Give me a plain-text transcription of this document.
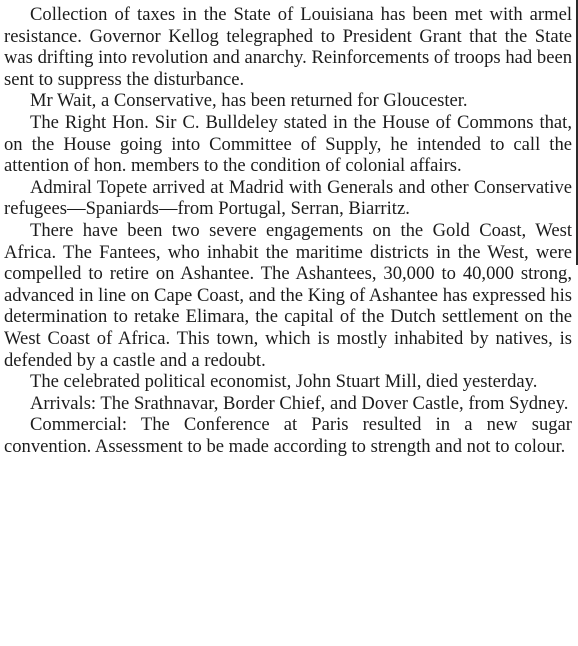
Collection of taxes in the State of Louisiana has been met with armel resistance. Governor Kellog telegraphed to President Grant that the State was drifting into revolution and anarchy. Reinforcements of troops had been sent to suppress the disturbance.

Mr Wait, a Conservative, has been returned for Gloucester.

The Right Hon. Sir C. Bulldeley stated in the House of Commons that, on the House going into Committee of Supply, he intended to call the attention of hon. members to the condition of colonial affairs.

Admiral Topete arrived at Madrid with Generals and other Conservative refugees—Spaniards—from Portugal, Serran, Biarritz.

There have been two severe engagements on the Gold Coast, West Africa. The Fantees, who inhabit the maritime districts in the West, were compelled to retire on Ashantee. The Ashantees, 30,000 to 40,000 strong, advanced in line on Cape Coast, and the King of Ashantee has expressed his determination to retake Elimara, the capital of the Dutch settlement on the West Coast of Africa. This town, which is mostly inhabited by natives, is defended by a castle and a redoubt.

The celebrated political economist, John Stuart Mill, died yesterday.

Arrivals: The Srathnavar, Border Chief, and Dover Castle, from Sydney.

Commercial: The Conference at Paris resulted in a new sugar convention. Assessment to be made according to strength and not to colour.
